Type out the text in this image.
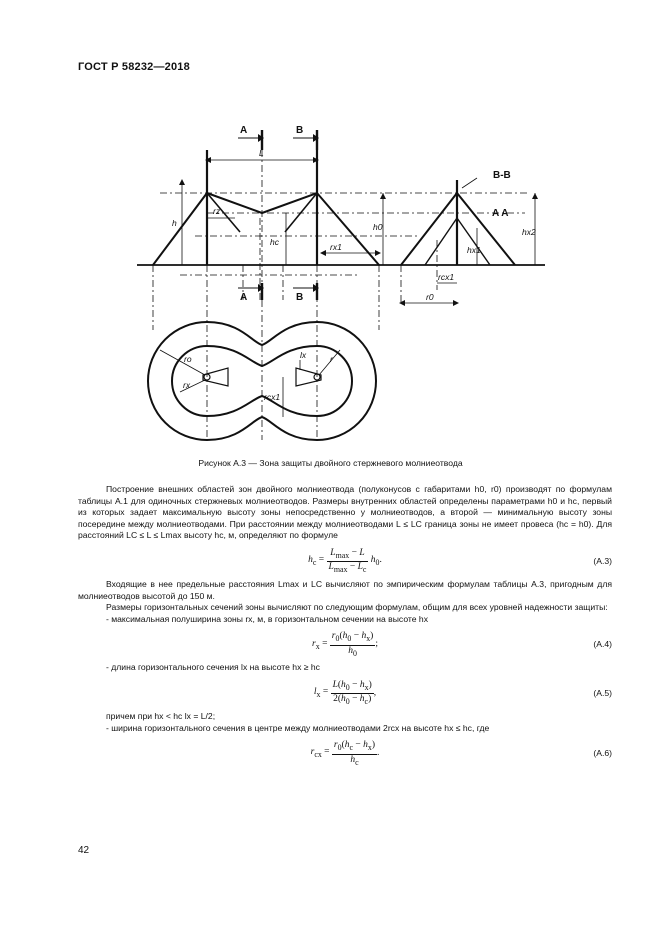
ГОСТ Р 58232—2018
A	B
A	B
B-B
A A
L
h
rz
hc	rx1
h0
hx1
hx2
rcx1
r0
ro
rx
lx	r
rcx1
Рисунок А.3 — Зона защиты двойного стержневого молниеотвода

Построение внешних областей зон двойного молниеотвода (полуконусов с габаритами h0, r0) производят по формулам таблицы А.1 для одиночных стержневых молниеотводов. Размеры внутренних областей определены параметрами h0 и hc, первый из которых задает максимальную высоту зоны непосредственно у молниеотводов, а второй — минимальную высоту зоны посередине между молниеотводами. При расстоянии между молниеотводами L ≤ LC граница зоны не имеет провеса (hc = h0). Для расстояний LC ≤ L ≤ Lmax высоту hc, м, определяют по формуле

$h_c = \frac{L_{max} - L}{L_{max} - L_c} h_0$.	(А.3)

Входящие в нее предельные расстояния Lmax и LC вычисляют по эмпирическим формулам таблицы А.3, пригодным для молниеотводов высотой до 150 м.

Размеры горизонтальных сечений зоны вычисляют по следующим формулам, общим для всех уровней надежности защиты:

- максимальная полуширина зоны rx, м, в горизонтальном сечении на высоте hx

$r_x = \frac{r_0(h_0 - h_x)}{h_0}$ ;	(А.4)

- длина горизонтального сечения lx на высоте hx ≥ hc

$l_x = \frac{L(h_0 - h_x)}{2(h_0 - h_c)}$ ,	(А.5)

причем при hx < hc lx = L/2;

- ширина горизонтального сечения в центре между молниеотводами 2rcx на высоте hx ≤ hc, где

$r_{cx} = \frac{r_0(h_c - h_x)}{h_c}$ .	(А.6)
42
